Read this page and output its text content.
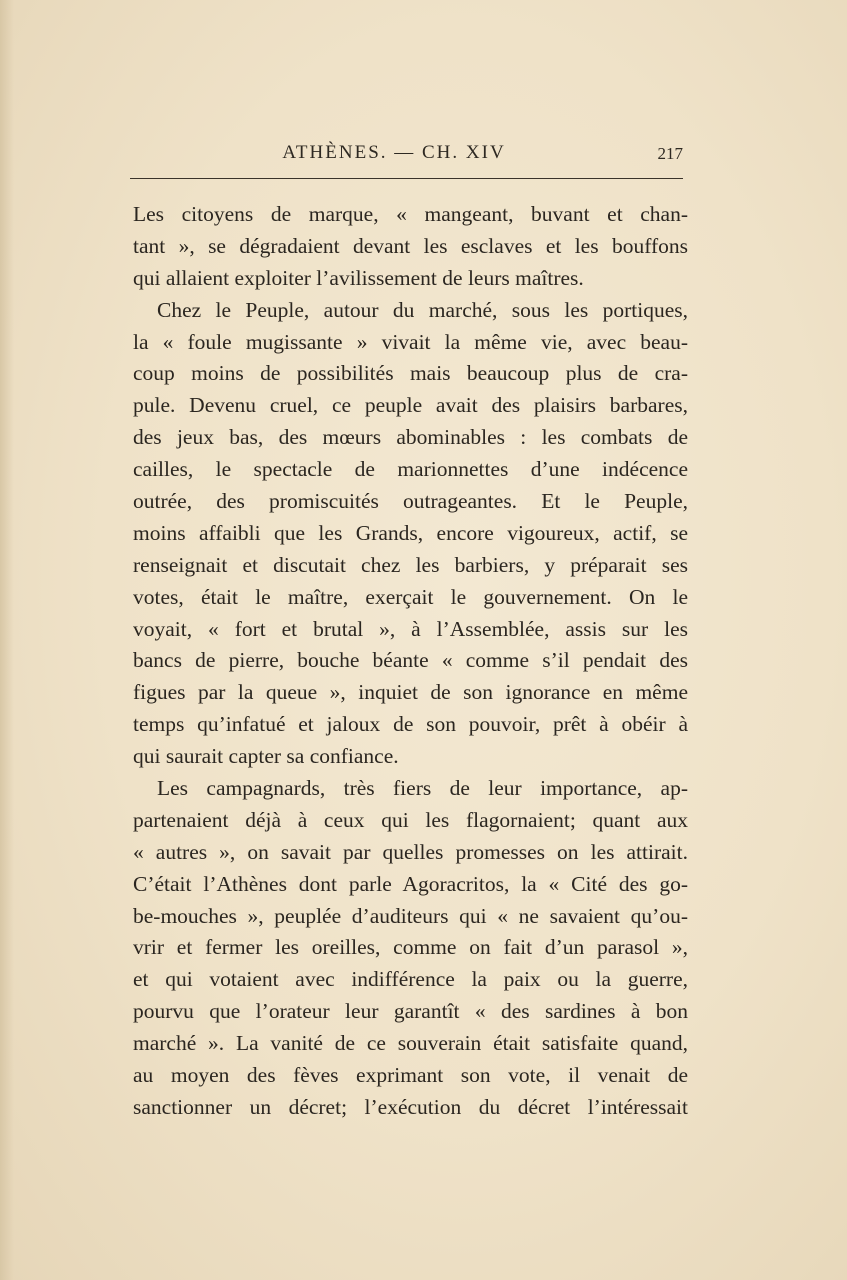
ATHÈNES. — CH. XIV	217
Les citoyens de marque, « mangeant, buvant et chan-
tant », se dégradaient devant les esclaves et les bouffons
qui allaient exploiter l’avilissement de leurs maîtres.
Chez le Peuple, autour du marché, sous les portiques,
la « foule mugissante » vivait la même vie, avec beau-
coup moins de possibilités mais beaucoup plus de cra-
pule. Devenu cruel, ce peuple avait des plaisirs barbares,
des jeux bas, des mœurs abominables : les combats de
cailles, le spectacle de marionnettes d’une indécence
outrée, des promiscuités outrageantes. Et le Peuple,
moins affaibli que les Grands, encore vigoureux, actif, se
renseignait et discutait chez les barbiers, y préparait ses
votes, était le maître, exerçait le gouvernement. On le
voyait, « fort et brutal », à l’Assemblée, assis sur les
bancs de pierre, bouche béante « comme s’il pendait des
figues par la queue », inquiet de son ignorance en même
temps qu’infatué et jaloux de son pouvoir, prêt à obéir à
qui saurait capter sa confiance.
Les campagnards, très fiers de leur importance, ap-
partenaient déjà à ceux qui les flagornaient; quant aux
« autres », on savait par quelles promesses on les attirait.
C’était l’Athènes dont parle Agoracritos, la « Cité des go-
be-mouches », peuplée d’auditeurs qui « ne savaient qu’ou-
vrir et fermer les oreilles, comme on fait d’un parasol »,
et qui votaient avec indifférence la paix ou la guerre,
pourvu que l’orateur leur garantît « des sardines à bon
marché ». La vanité de ce souverain était satisfaite quand,
au moyen des fèves exprimant son vote, il venait de
sanctionner un décret; l’exécution du décret l’intéressait
